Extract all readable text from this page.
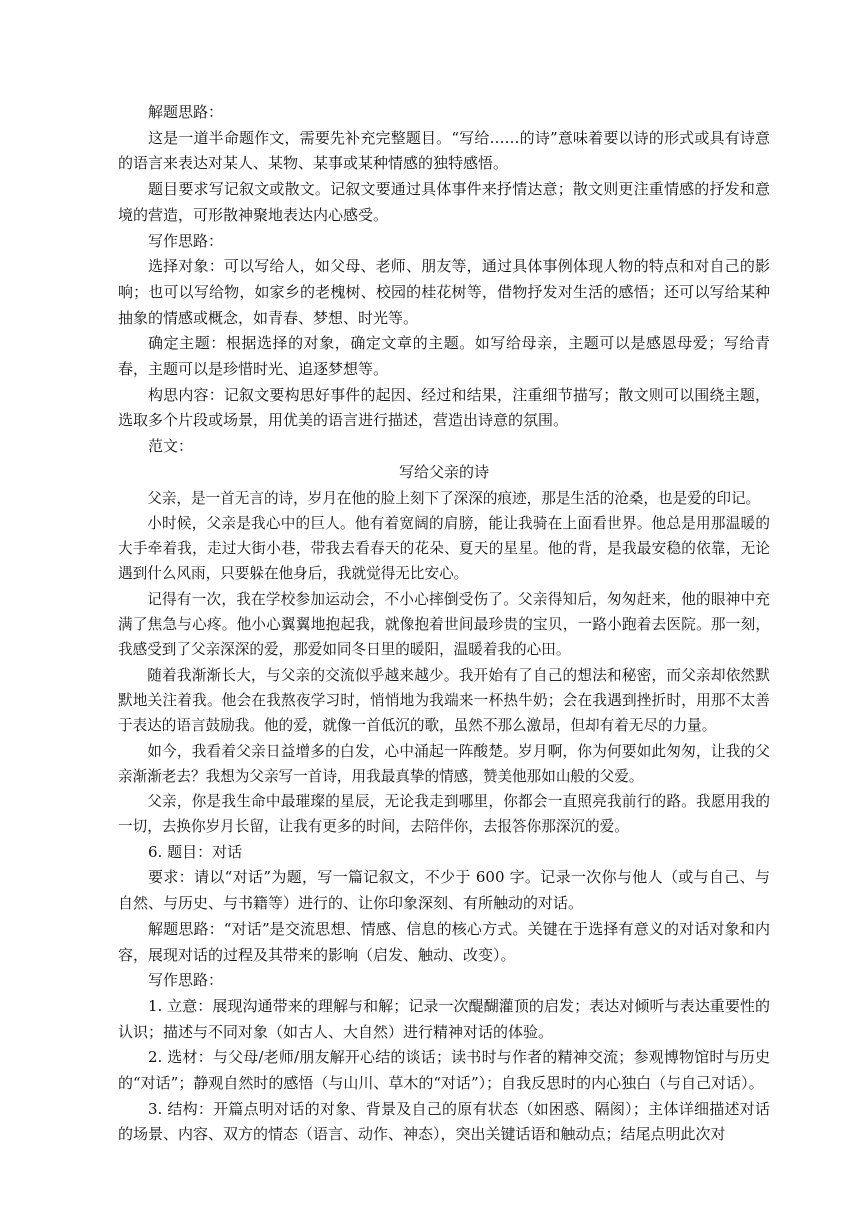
解题思路：

这是一道半命题作文，需要先补充完整题目。“写给……的诗”意味着要以诗的形式或具有诗意的语言来表达对某人、某物、某事或某种情感的独特感悟。

题目要求写记叙文或散文。记叙文要通过具体事件来抒情达意；散文则更注重情感的抒发和意境的营造，可形散神聚地表达内心感受。

写作思路：

选择对象：可以写给人，如父母、老师、朋友等，通过具体事例体现人物的特点和对自己的影响；也可以写给物，如家乡的老槐树、校园的桂花树等，借物抒发对生活的感悟；还可以写给某种抽象的情感或概念，如青春、梦想、时光等。

确定主题：根据选择的对象，确定文章的主题。如写给母亲，主题可以是感恩母爱；写给青春，主题可以是珍惜时光、追逐梦想等。

构思内容：记叙文要构思好事件的起因、经过和结果，注重细节描写；散文则可以围绕主题，选取多个片段或场景，用优美的语言进行描述，营造出诗意的氛围。

范文：

写给父亲的诗

父亲，是一首无言的诗，岁月在他的脸上刻下了深深的痕迹，那是生活的沧桑，也是爱的印记。

小时候，父亲是我心中的巨人。他有着宽阔的肩膀，能让我骑在上面看世界。他总是用那温暖的大手牵着我，走过大街小巷，带我去看春天的花朵、夏天的星星。他的背，是我最安稳的依靠，无论遇到什么风雨，只要躲在他身后，我就觉得无比安心。

记得有一次，我在学校参加运动会，不小心摔倒受伤了。父亲得知后，匆匆赶来，他的眼神中充满了焦急与心疼。他小心翼翼地抱起我，就像抱着世间最珍贵的宝贝，一路小跑着去医院。那一刻，我感受到了父亲深深的爱，那爱如同冬日里的暖阳，温暖着我的心田。

随着我渐渐长大，与父亲的交流似乎越来越少。我开始有了自己的想法和秘密，而父亲却依然默默地关注着我。他会在我熬夜学习时，悄悄地为我端来一杯热牛奶；会在我遇到挫折时，用那不太善于表达的语言鼓励我。他的爱，就像一首低沉的歌，虽然不那么激昂，但却有着无尽的力量。

如今，我看着父亲日益增多的白发，心中涌起一阵酸楚。岁月啊，你为何要如此匆匆，让我的父亲渐渐老去？我想为父亲写一首诗，用我最真挚的情感，赞美他那如山般的父爱。

父亲，你是我生命中最璀璨的星辰，无论我走到哪里，你都会一直照亮我前行的路。我愿用我的一切，去换你岁月长留，让我有更多的时间，去陪伴你，去报答你那深沉的爱。

6. 题目：对话

要求：请以“对话”为题，写一篇记叙文，不少于 600 字。记录一次你与他人（或与自己、与自然、与历史、与书籍等）进行的、让你印象深刻、有所触动的对话。

解题思路：“对话”是交流思想、情感、信息的核心方式。关键在于选择有意义的对话对象和内容，展现对话的过程及其带来的影响（启发、触动、改变）。

写作思路：

1. 立意：展现沟通带来的理解与和解；记录一次醍醐灌顶的启发；表达对倾听与表达重要性的认识；描述与不同对象（如古人、大自然）进行精神对话的体验。

2. 选材：与父母/老师/朋友解开心结的谈话；读书时与作者的精神交流；参观博物馆时与历史的“对话”；静观自然时的感悟（与山川、草木的“对话”）；自我反思时的内心独白（与自己对话）。

3. 结构：开篇点明对话的对象、背景及自己的原有状态（如困惑、隔阂）；主体详细描述对话的场景、内容、双方的情态（语言、动作、神态），突出关键话语和触动点；结尾点明此次对
